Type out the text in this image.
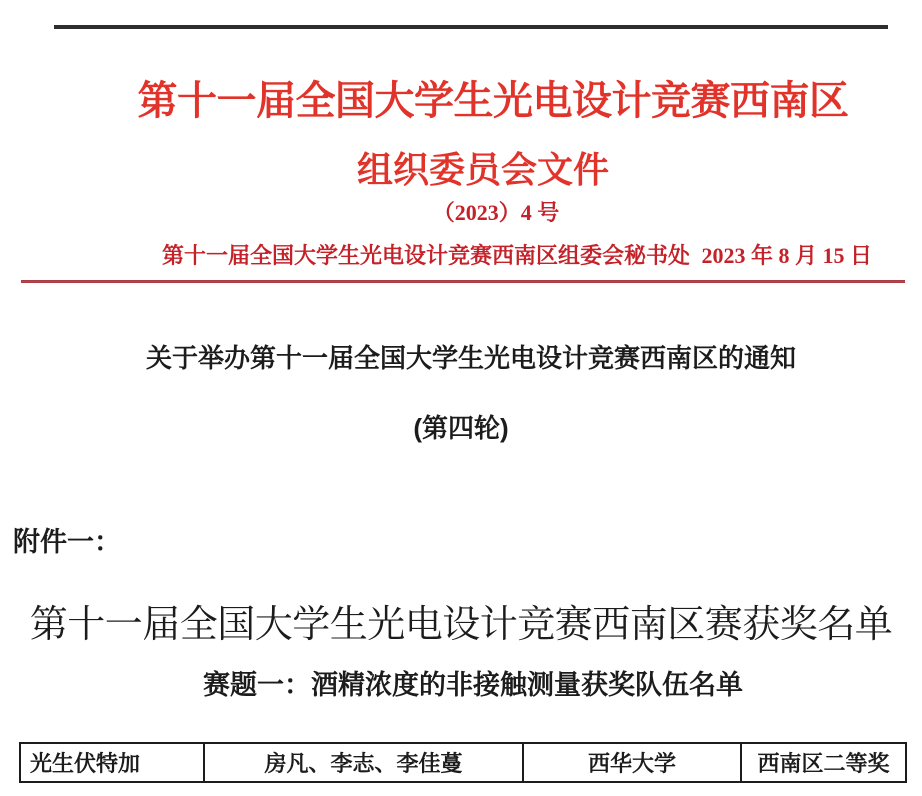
第十一届全国大学生光电设计竞赛西南区
组织委员会文件
（2023）4 号
第十一届全国大学生光电设计竞赛西南区组委会秘书处 2023 年 8 月 15 日
关于举办第十一届全国大学生光电设计竞赛西南区的通知
(第四轮)
附件一：
第十一届全国大学生光电设计竞赛西南区赛获奖名单
赛题一：酒精浓度的非接触测量获奖队伍名单
光生伏特加	房凡、李志、李佳蔓	西华大学	西南区二等奖
